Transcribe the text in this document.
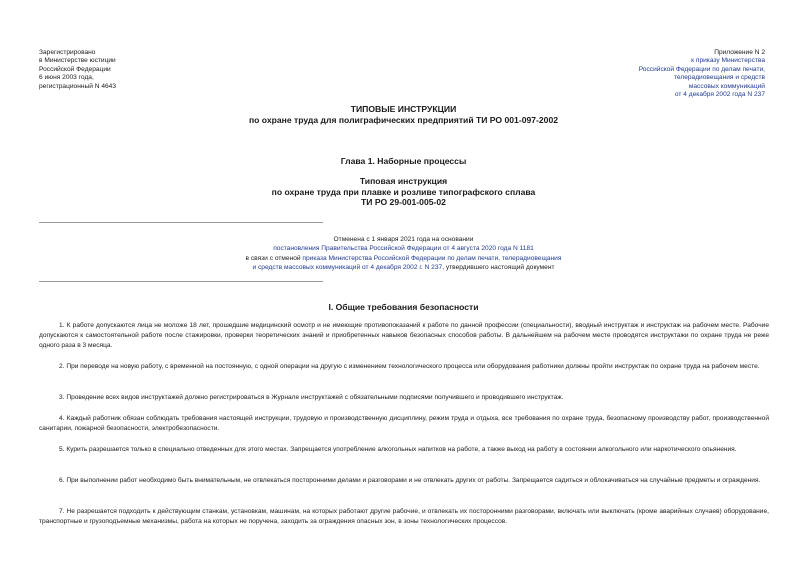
Зарегистрировано
в Министерстве юстиции
Российской Федерации
6 июня 2003 года,
регистрационный N 4643
Приложение N 2
к приказу Министерства
Российской Федерации по делам печати,
телерадиовещания и средств
массовых коммуникаций
от 4 декабря 2002 года N 237
ТИПОВЫЕ ИНСТРУКЦИИ
по охране труда для полиграфических предприятий ТИ РО 001-097-2002
Глава 1. Наборные процессы
Типовая инструкция
по охране труда при плавке и розливе типографского сплава
ТИ РО 29-001-005-02
Отменена с 1 января 2021 года на основании
постановления Правительства Российской Федерации от 4 августа 2020 года N 1181
в связи с отменой приказа Министерства Российской Федерации по делам печати, телерадиовещания
и средств массовых коммуникаций от 4 декабря 2002 г. N 237, утвердившего настоящий документ
I. Общие требования безопасности

1. К работе допускаются лица не моложе 18 лет, прошедшие медицинский осмотр и не имеющие противопоказаний к работе по данной профессии (специальности), вводный инструктаж и инструктаж на рабочем месте. Рабочие допускаются к самостоятельной работе после стажировки, проверки теоретических знаний и приобретенных навыков безопасных способов работы. В дальнейшем на рабочем месте проводятся инструктажи по охране труда не реже одного раза в 3 месяца.

2. При переводе на новую работу, с временной на постоянную, с одной операции на другую с изменением технологического процесса или оборудования работники должны пройти инструктаж по охране труда на рабочем месте.

3. Проведение всех видов инструктажей должно регистрироваться в Журнале инструктажей с обязательными подписями получившего и проводившего инструктаж.

4. Каждый работник обязан соблюдать требования настоящей инструкции, трудовую и производственную дисциплину, режим труда и отдыха, все требования по охране труда, безопасному производству работ, производственной санитарии, пожарной безопасности, электробезопасности.

5. Курить разрешается только в специально отведенных для этого местах. Запрещается употребление алкогольных напитков на работе, а также выход на работу в состоянии алкогольного или наркотического опьянения.

6. При выполнении работ необходимо быть внимательным, не отвлекаться посторонними делами и разговорами и не отвлекать других от работы. Запрещается садиться и облокачиваться на случайные предметы и ограждения.

7. Не разрешается подходить к действующим станкам, установкам, машинам, на которых работают другие рабочие, и отвлекать их посторонними разговорами, включать или выключать (кроме аварийных случаев) оборудование, транспортные и грузоподъемные механизмы, работа на которых не поручена, заходить за ограждения опасных зон, в зоны технологических процессов.
